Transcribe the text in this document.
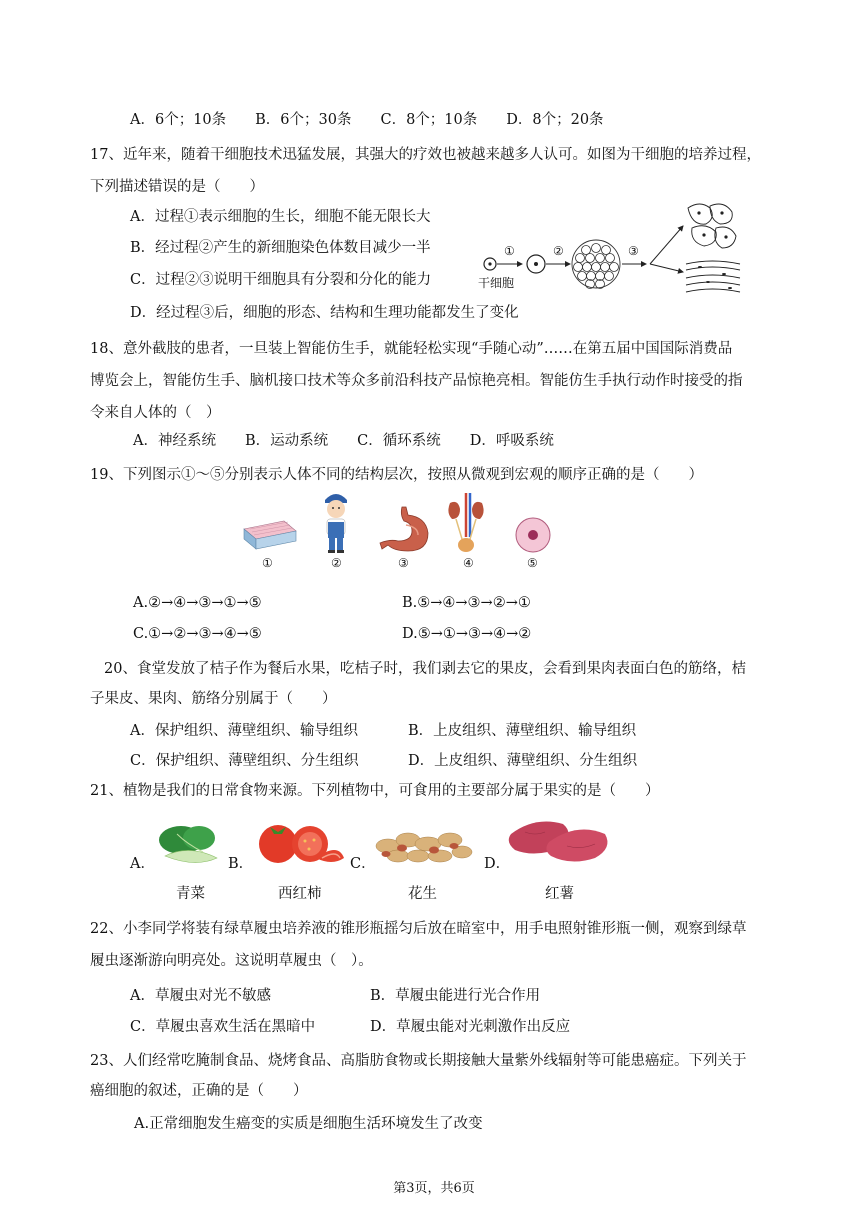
A．6个；10条　　B．6个；30条　　C．8个；10条　　D．8个；20条
17、近年来，随着干细胞技术迅猛发展，其强大的疗效也被越来越多人认可。如图为干细胞的培养过程，
下列描述错误的是（　　）
A．过程①表示细胞的生长，细胞不能无限长大
B．经过程②产生的新细胞染色体数目减少一半
C．过程②③说明干细胞具有分裂和分化的能力
D．经过程③后，细胞的形态、结构和生理功能都发生了变化
①	②	③
干细胞
18、意外截肢的患者，一旦装上智能仿生手，就能轻松实现“手随心动”……在第五届中国国际消费品
博览会上，智能仿生手、脑机接口技术等众多前沿科技产品惊艳亮相。智能仿生手执行动作时接受的指
令来自人体的（　）
A．神经系统　　B．运动系统　　C．循环系统　　D．呼吸系统
19、下列图示①～⑤分别表示人体不同的结构层次，按照从微观到宏观的顺序正确的是（　　）
①	②	③	④	⑤
A.②→④→③→①→⑤	B.⑤→④→③→②→①
C.①→②→③→④→⑤	D.⑤→①→③→④→②
20、食堂发放了桔子作为餐后水果，吃桔子时，我们剥去它的果皮，会看到果肉表面白色的筋络，桔
子果皮、果肉、筋络分别属于（　　）
A．保护组织、薄壁组织、输导组织	B．上皮组织、薄壁组织、输导组织
C．保护组织、薄壁组织、分生组织	D．上皮组织、薄壁组织、分生组织
21、植物是我们的日常食物来源。下列植物中，可食用的主要部分属于果实的是（　　）
A．	B．	C．	D．
青菜	西红柿	花生	红薯
22、小李同学将装有绿草履虫培养液的锥形瓶摇匀后放在暗室中，用手电照射锥形瓶一侧，观察到绿草
履虫逐渐游向明亮处。这说明草履虫（　）。
A．草履虫对光不敏感	B．草履虫能进行光合作用
C．草履虫喜欢生活在黑暗中	D．草履虫能对光刺激作出反应
23、人们经常吃腌制食品、烧烤食品、高脂肪食物或长期接触大量紫外线辐射等可能患癌症。下列关于
癌细胞的叙述，正确的是（　　）
A.正常细胞发生癌变的实质是细胞生活环境发生了改变
第3页，共6页
